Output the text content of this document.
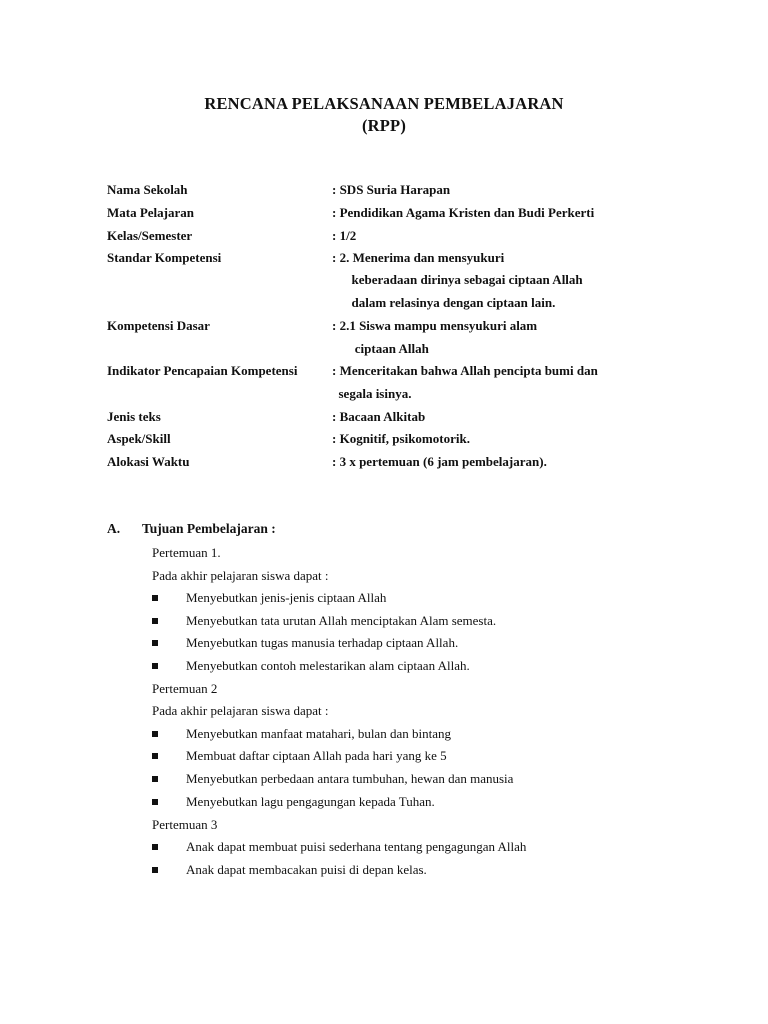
RENCANA PELAKSANAAN PEMBELAJARAN
(RPP)
Nama Sekolah	: SDS Suria Harapan
Mata Pelajaran	: Pendidikan Agama Kristen dan Budi Perkerti
Kelas/Semester	: 1/2
Standar Kompetensi	: 2. Menerima dan mensyukuri
keberadaan dirinya sebagai ciptaan Allah
dalam relasinya dengan ciptaan lain.
Kompetensi Dasar	: 2.1 Siswa mampu mensyukuri alam
ciptaan Allah
Indikator Pencapaian Kompetensi	: Menceritakan bahwa Allah pencipta bumi dan
segala isinya.
Jenis teks	: Bacaan Alkitab
Aspek/Skill	: Kognitif, psikomotorik.
Alokasi Waktu	: 3 x pertemuan (6 jam pembelajaran).
A. Tujuan Pembelajaran :
Pertemuan 1.
Pada akhir pelajaran siswa dapat :
Menyebutkan jenis-jenis ciptaan Allah
Menyebutkan tata urutan Allah menciptakan Alam semesta.
Menyebutkan tugas manusia terhadap ciptaan Allah.
Menyebutkan contoh melestarikan alam ciptaan Allah.
Pertemuan 2
Pada akhir pelajaran siswa dapat :
Menyebutkan manfaat matahari, bulan dan bintang
Membuat daftar ciptaan Allah pada hari yang ke 5
Menyebutkan perbedaan antara tumbuhan, hewan dan manusia
Menyebutkan lagu pengagungan kepada Tuhan.
Pertemuan 3
Anak dapat membuat puisi sederhana tentang pengagungan Allah
Anak dapat membacakan puisi di depan kelas.
